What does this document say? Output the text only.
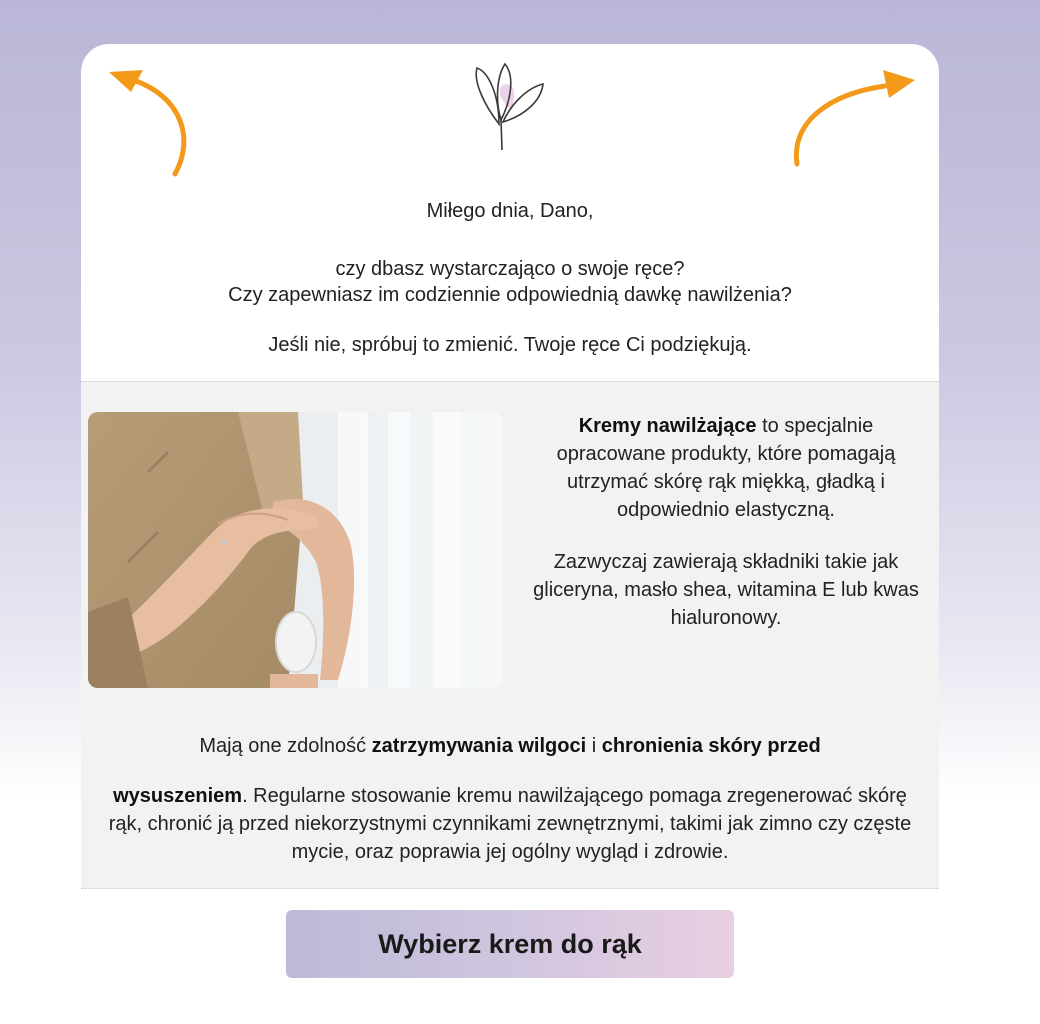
Miłego dnia, Dano,

czy dbasz wystarczająco o swoje ręce?

Czy zapewniasz im codziennie odpowiednią dawkę nawilżenia?

Jeśli nie, spróbuj to zmienić. Twoje ręce Ci podziękują.

Kremy nawilżające to specjalnie opracowane produkty, które pomagają utrzymać skórę rąk miękką, gładką i odpowiednio elastyczną.

Zazwyczaj zawierają składniki takie jak gliceryna, masło shea, witamina E lub kwas hialuronowy.

Mają one zdolność zatrzymywania wilgoci i chronienia skóry przed

wysuszeniem. Regularne stosowanie kremu nawilżającego pomaga zregenerować skórę rąk, chronić ją przed niekorzystnymi czynnikami zewnętrznymi, takimi jak zimno czy częste mycie, oraz poprawia jej ogólny wygląd i zdrowie.

Wybierz krem do rąk
